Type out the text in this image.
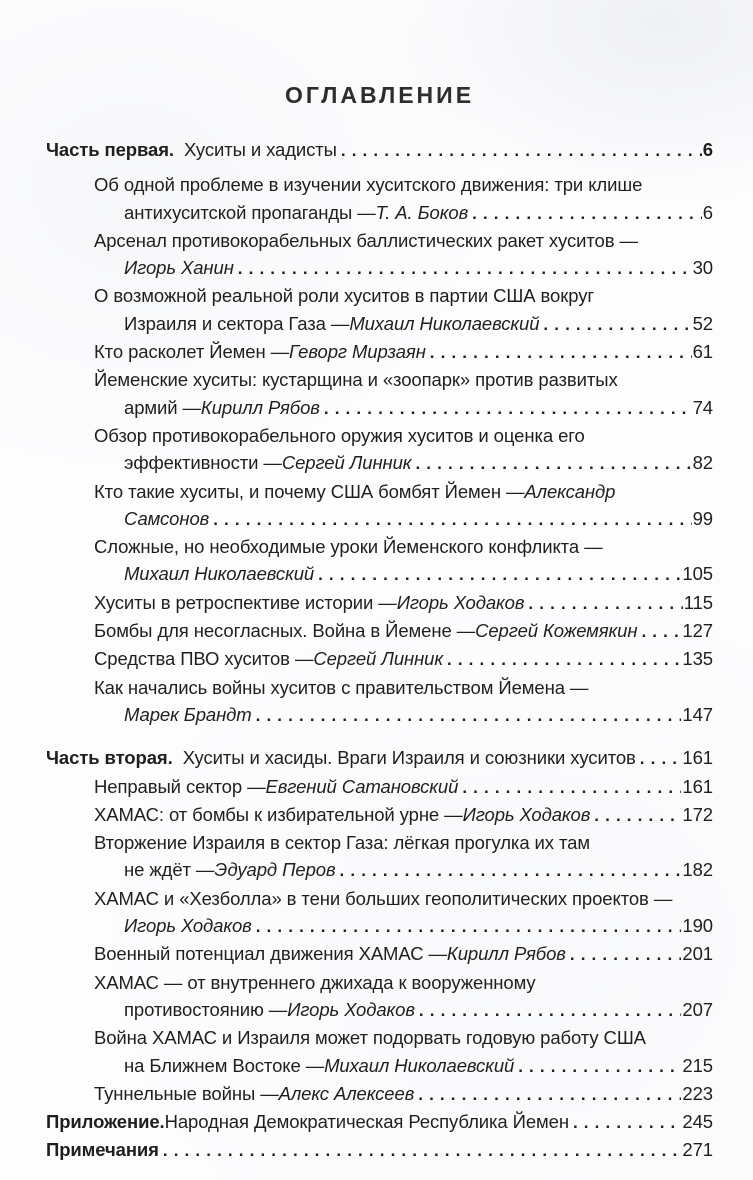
ОГЛАВЛЕНИЕ
Часть первая. Хуситы и хадисты .....	6
Об одной проблеме в изучении хуситского движения: три клише
антихуситской пропаганды — Т. А. Боков .....	6
Арсенал противокорабельных баллистических ракет хуситов —
Игорь Ханин .....	30
О возможной реальной роли хуситов в партии США вокруг
Израиля и сектора Газа — Михаил Николаевский .....	52
Кто расколет Йемен — Геворг Мирзаян .....	61
Йеменские хуситы: кустарщина и «зоопарк» против развитых
армий — Кирилл Рябов .....	74
Обзор противокорабельного оружия хуситов и оценка его
эффективности — Сергей Линник .....	82
Кто такие хуситы, и почему США бомбят Йемен — Александр
Самсонов .....	99
Сложные, но необходимые уроки Йеменского конфликта —
Михаил Николаевский .....	105
Хуситы в ретроспективе истории — Игорь Ходаков .....	115
Бомбы для несогласных. Война в Йемене — Сергей Кожемякин ..... 127
Средства ПВО хуситов — Сергей Линник .....	135
Как начались войны хуситов с правительством Йемена —
Марек Брандт .....	147
Часть вторая. Хуситы и хасиды. Враги Израиля и союзники хуситов .....	161
Неправый сектор — Евгений Сатановский .....	161
ХАМАС: от бомбы к избирательной урне — Игорь Ходаков .....	172
Вторжение Израиля в сектор Газа: лёгкая прогулка их там
не ждёт — Эдуард Перов .....	182
ХАМАС и «Хезболла» в тени больших геополитических проектов —
Игорь Ходаков .....	190
Военный потенциал движения ХАМАС — Кирилл Рябов .....	201
ХАМАС — от внутреннего джихада к вооруженному
противостоянию — Игорь Ходаков .....	207
Война ХАМАС и Израиля может подорвать годовую работу США
на Ближнем Востоке — Михаил Николаевский .....	215
Туннельные войны — Алекс Алексеев .....	223
Приложение. Народная Демократическая Республика Йемен .....	245
Примечания .....	271
